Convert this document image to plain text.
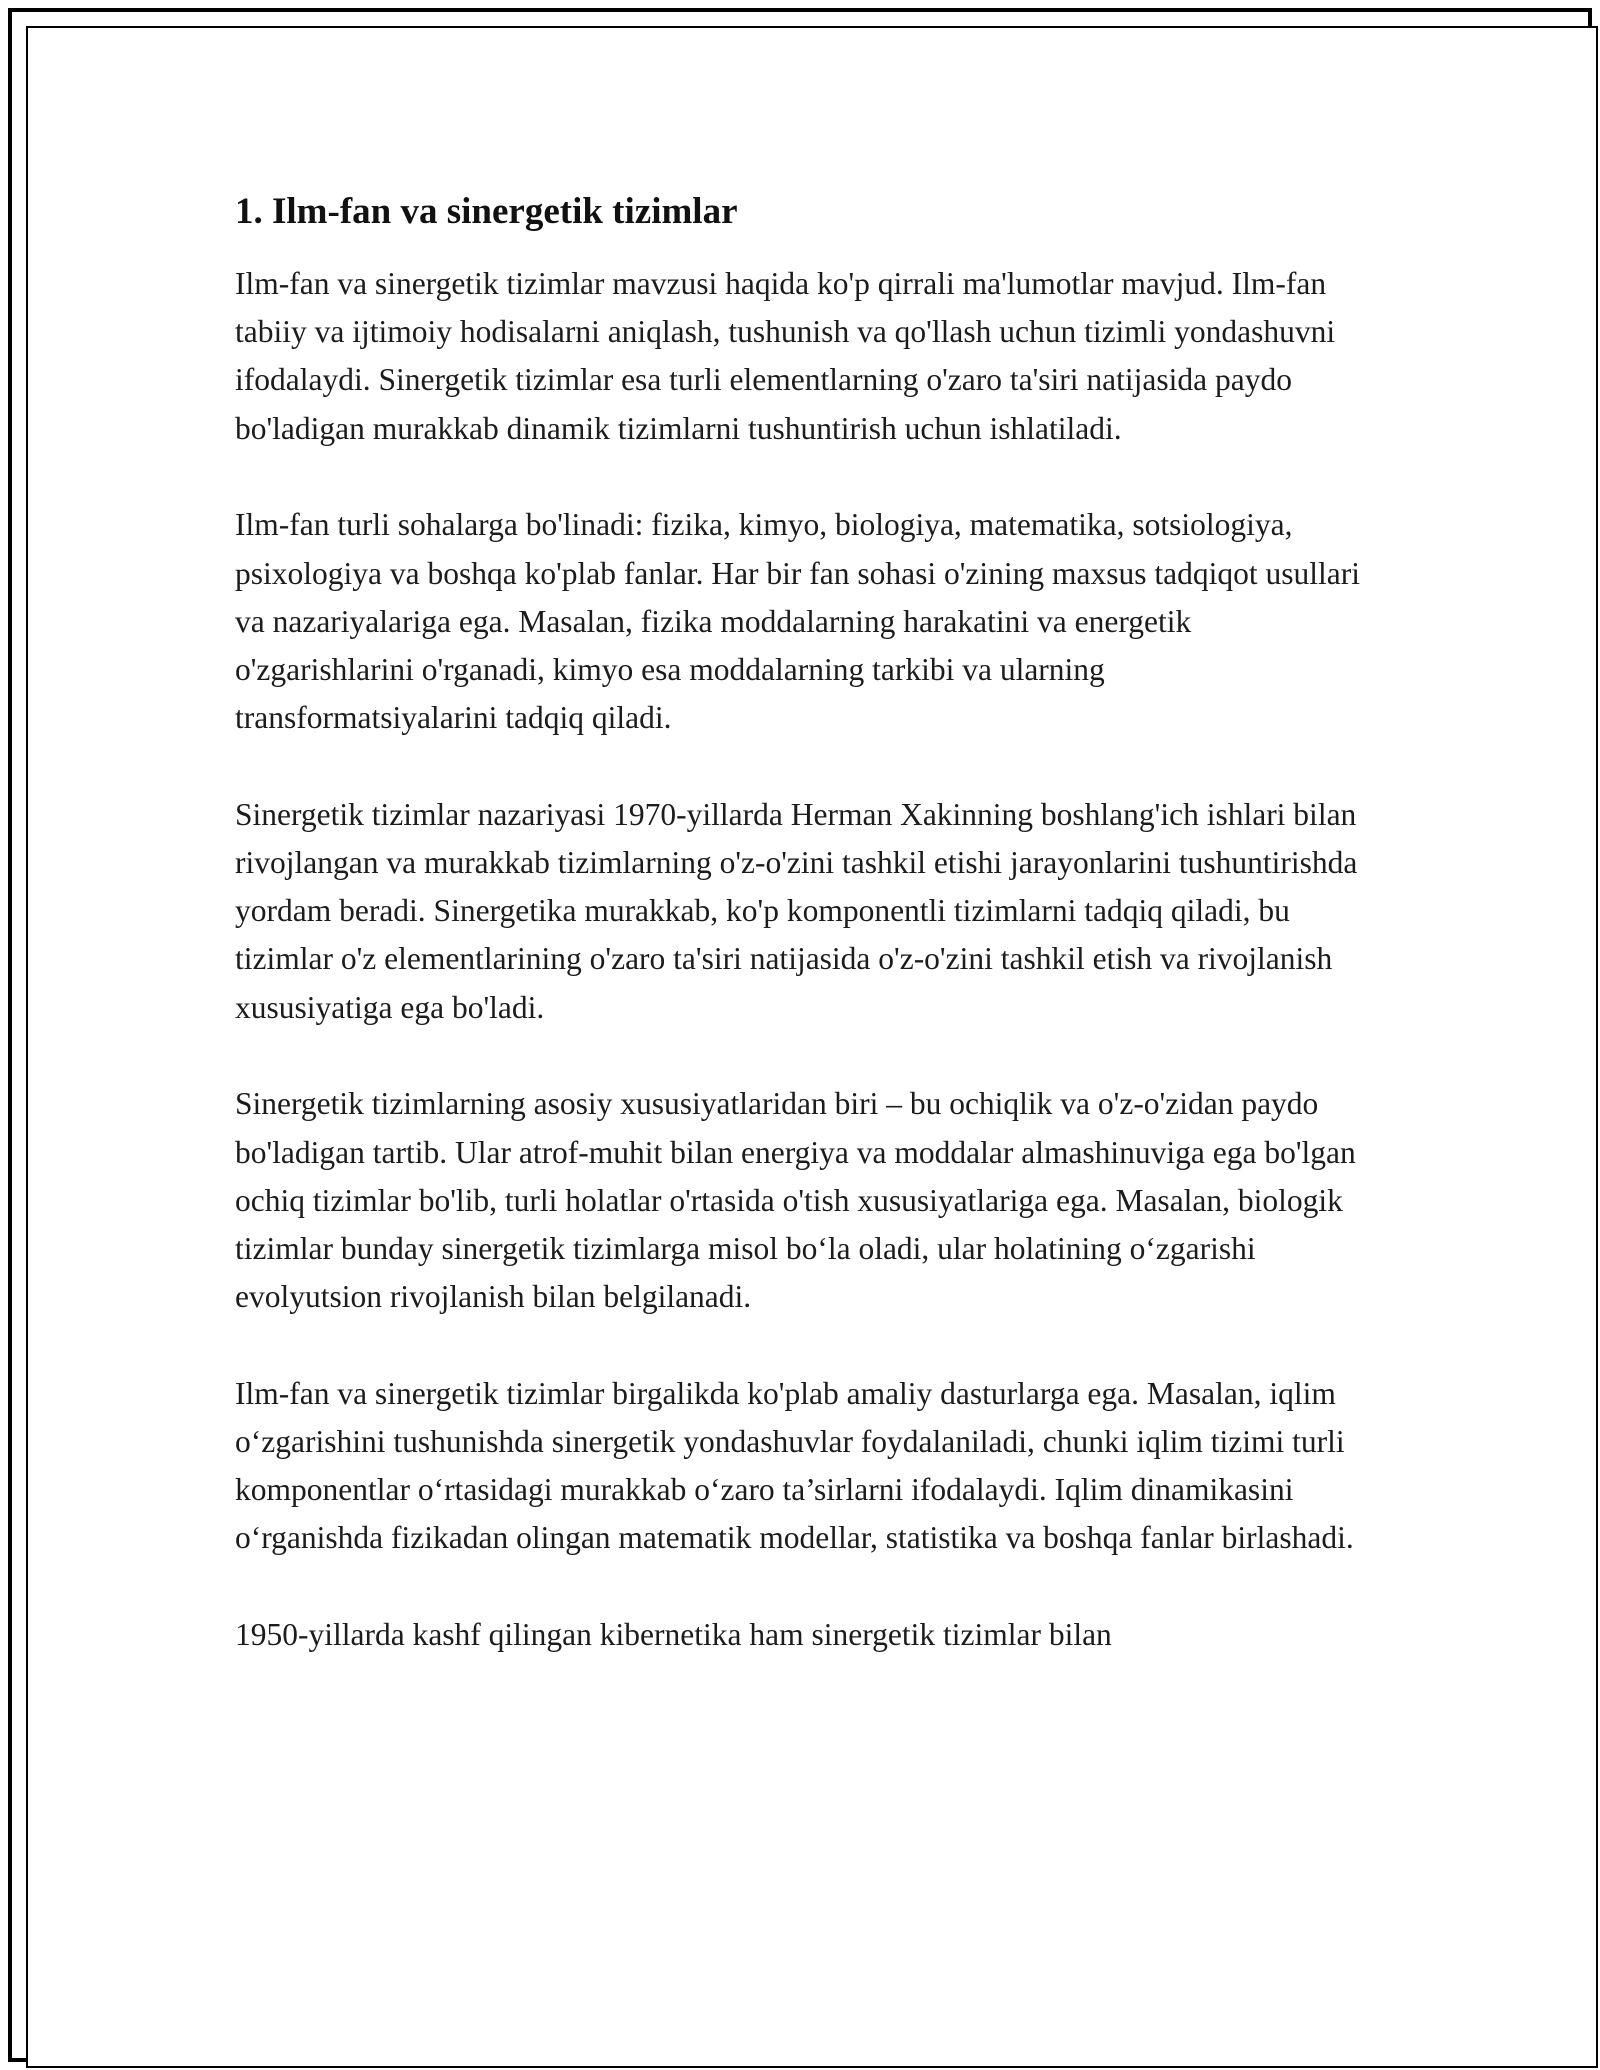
1. Ilm-fan va sinergetik tizimlar

Ilm-fan va sinergetik tizimlar mavzusi haqida ko'p qirrali ma'lumotlar mavjud. Ilm-fan tabiiy va ijtimoiy hodisalarni aniqlash, tushunish va qo'llash uchun tizimli yondashuvni ifodalaydi. Sinergetik tizimlar esa turli elementlarning o'zaro ta'siri natijasida paydo bo'ladigan murakkab dinamik tizimlarni tushuntirish uchun ishlatiladi.

Ilm-fan turli sohalarga bo'linadi: fizika, kimyo, biologiya, matematika, sotsiologiya, psixologiya va boshqa ko'plab fanlar. Har bir fan sohasi o'zining maxsus tadqiqot usullari va nazariyalariga ega. Masalan, fizika moddalarning harakatini va energetik o'zgarishlarini o'rganadi, kimyo esa moddalarning tarkibi va ularning transformatsiyalarini tadqiq qiladi.

Sinergetik tizimlar nazariyasi 1970-yillarda Herman Xakinning boshlang'ich ishlari bilan rivojlangan va murakkab tizimlarning o'z-o'zini tashkil etishi jarayonlarini tushuntirishda yordam beradi. Sinergetika murakkab, ko'p komponentli tizimlarni tadqiq qiladi, bu tizimlar o'z elementlarining o'zaro ta'siri natijasida o'z-o'zini tashkil etish va rivojlanish xususiyatiga ega bo'ladi.

Sinergetik tizimlarning asosiy xususiyatlaridan biri – bu ochiqlik va o'z-o'zidan paydo bo'ladigan tartib. Ular atrof-muhit bilan energiya va moddalar almashinuviga ega bo'lgan ochiq tizimlar bo'lib, turli holatlar o'rtasida o'tish xususiyatlariga ega. Masalan, biologik tizimlar bunday sinergetik tizimlarga misol bo‘la oladi, ular holatining o‘zgarishi evolyutsion rivojlanish bilan belgilanadi.

Ilm-fan va sinergetik tizimlar birgalikda ko'plab amaliy dasturlarga ega. Masalan, iqlim o‘zgarishini tushunishda sinergetik yondashuvlar foydalaniladi, chunki iqlim tizimi turli komponentlar o‘rtasidagi murakkab o‘zaro ta’sirlarni ifodalaydi. Iqlim dinamikasini o‘rganishda fizikadan olingan matematik modellar, statistika va boshqa fanlar birlashadi.

1950-yillarda kashf qilingan kibernetika ham sinergetik tizimlar bilan
